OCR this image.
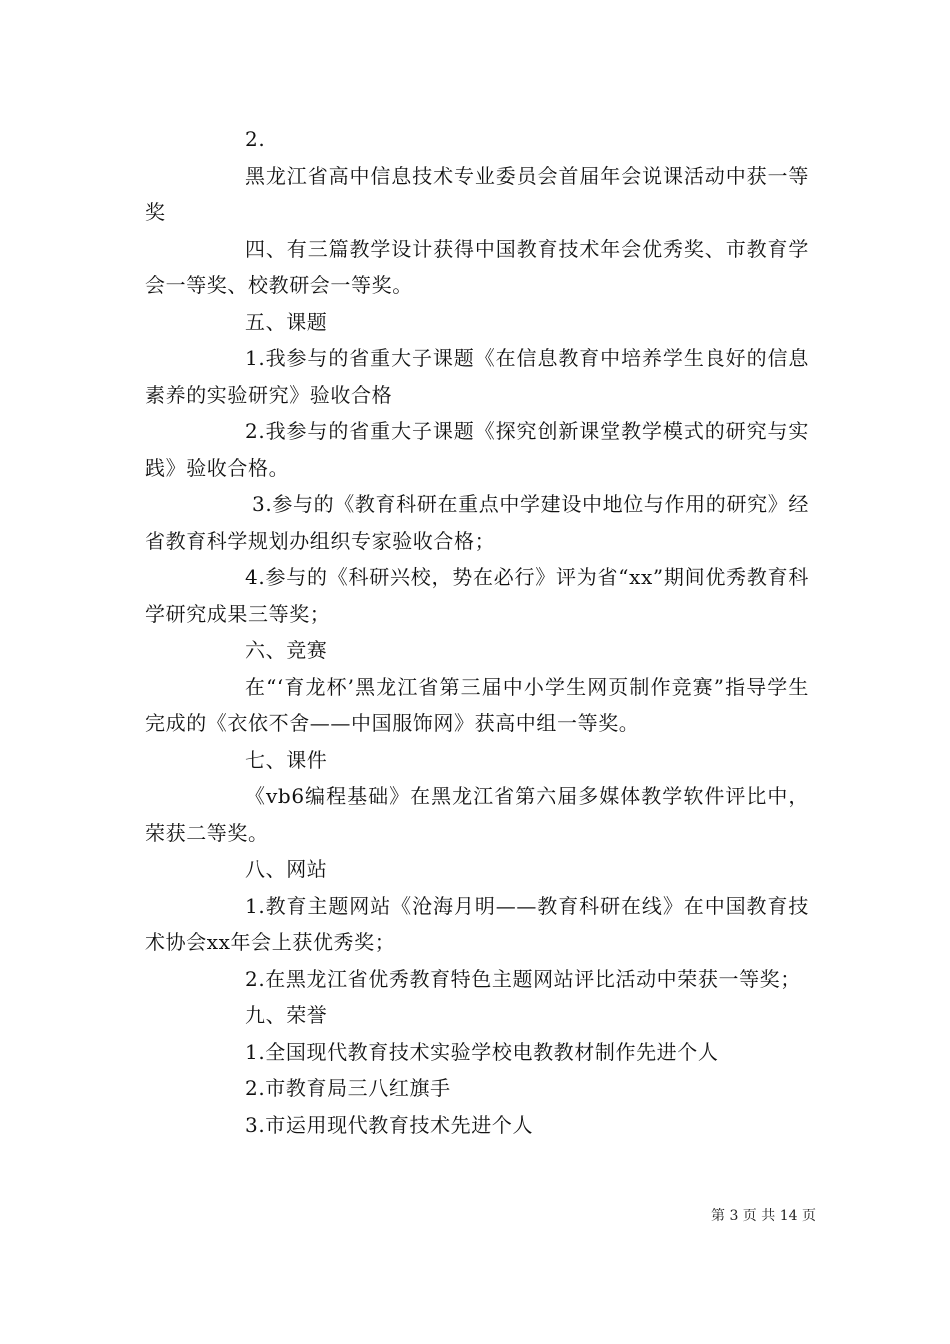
2.

黑龙江省高中信息技术专业委员会首届年会说课活动中获一等奖

四、有三篇教学设计获得中国教育技术年会优秀奖、市教育学会一等奖、校教研会一等奖。

五、课题

1.我参与的省重大子课题《在信息教育中培养学生良好的信息素养的实验研究》验收合格

2.我参与的省重大子课题《探究创新课堂教学模式的研究与实践》验收合格。

3.参与的《教育科研在重点中学建设中地位与作用的研究》经省教育科学规划办组织专家验收合格；

4.参与的《科研兴校，势在必行》评为省“xx”期间优秀教育科学研究成果三等奖；

六、竞赛

在“‘育龙杯’黑龙江省第三届中小学生网页制作竞赛”指导学生完成的《衣依不舍——中国服饰网》获高中组一等奖。

七、课件

《vb6编程基础》在黑龙江省第六届多媒体教学软件评比中，荣获二等奖。

八、网站

1.教育主题网站《沧海月明——教育科研在线》在中国教育技术协会xx年会上获优秀奖；

2.在黑龙江省优秀教育特色主题网站评比活动中荣获一等奖；

九、荣誉

1.全国现代教育技术实验学校电教教材制作先进个人

2.市教育局三八红旗手

3.市运用现代教育技术先进个人

第 3 页 共 14 页
